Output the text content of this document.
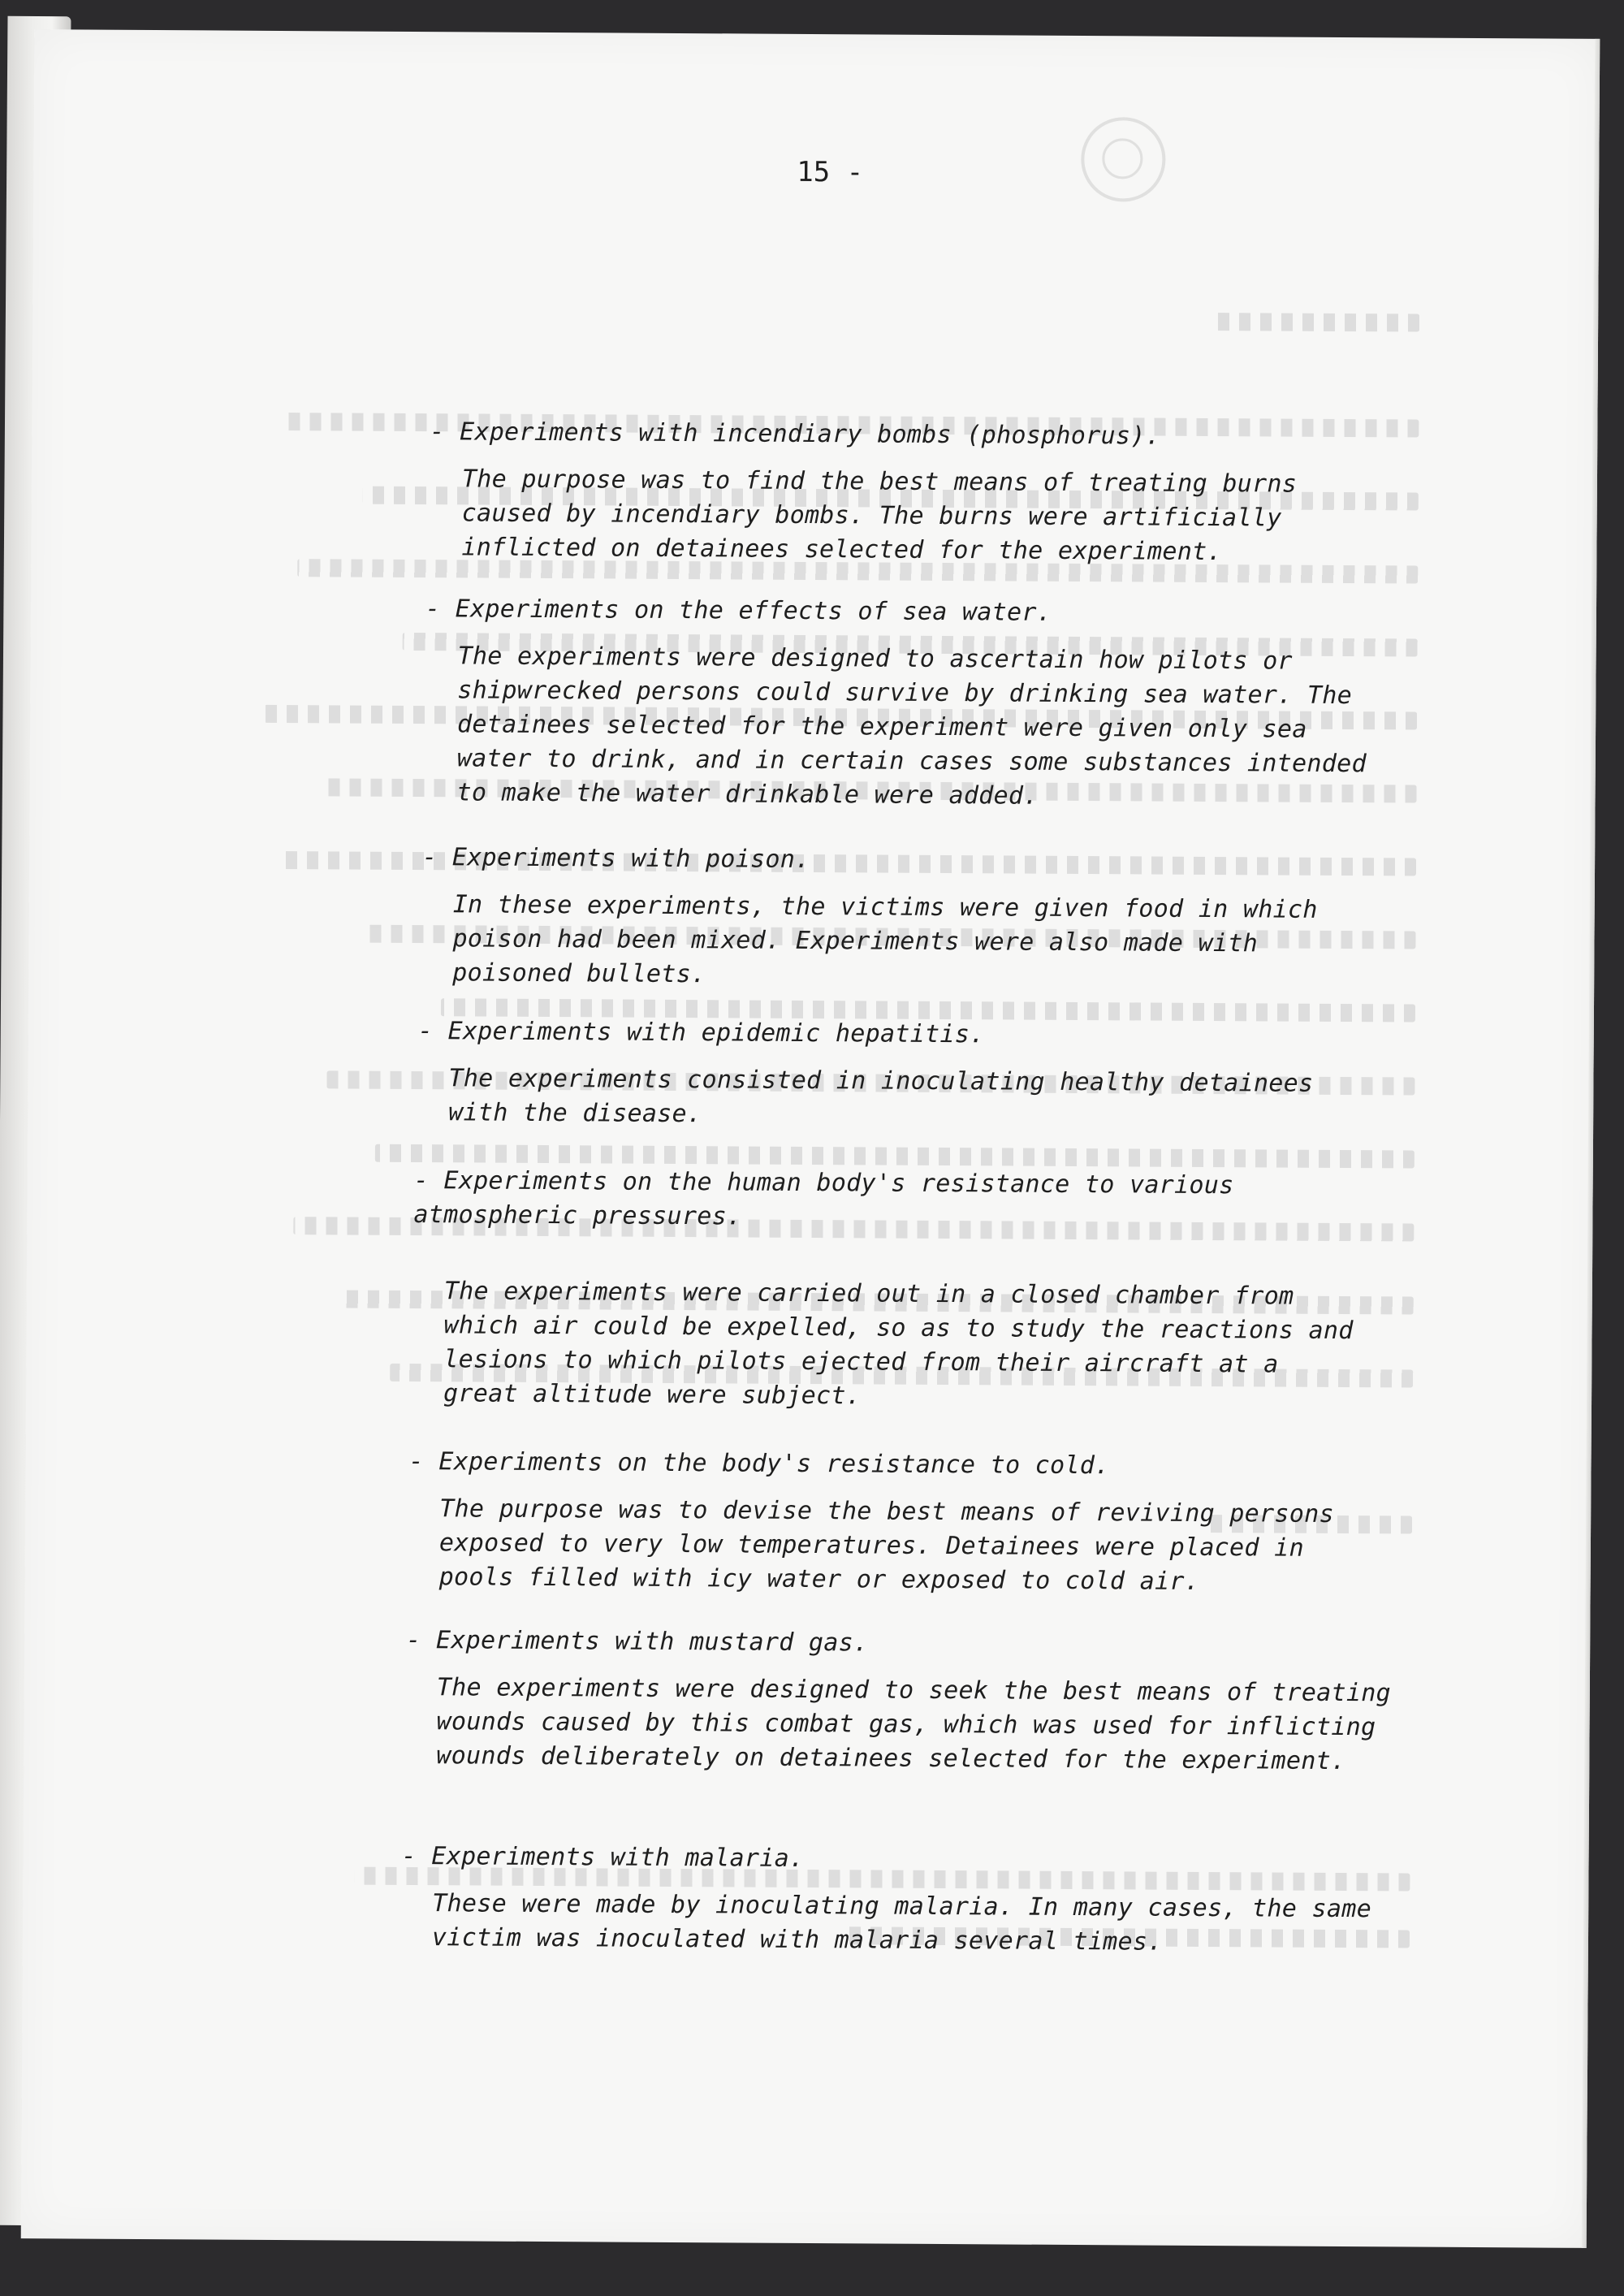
15 -
- Experiments with incendiary bombs (phosphorus).
The purpose was to find the best means of treating burns caused by incendiary bombs. The burns were artificially inflicted on detainees selected for the experiment.
- Experiments on the effects of sea water.
The experiments were designed to ascertain how pilots or shipwrecked persons could survive by drinking sea water. The detainees selected for the experiment were given only sea water to drink, and in certain cases some substances intended to make the water drinkable were added.
- Experiments with poison.
In these experiments, the victims were given food in which poison had been mixed. Experiments were also made with poisoned bullets.
- Experiments with epidemic hepatitis.
The experiments consisted in inoculating healthy detainees with the disease.
- Experiments on the human body's resistance to various atmospheric pressures.
The experiments were carried out in a closed chamber from which air could be expelled, so as to study the reactions and lesions to which pilots ejected from their aircraft at a great altitude were subject.
- Experiments on the body's resistance to cold.
The purpose was to devise the best means of reviving persons exposed to very low temperatures. Detainees were placed in pools filled with icy water or exposed to cold air.
- Experiments with mustard gas.
The experiments were designed to seek the best means of treating wounds caused by this combat gas, which was used for inflicting wounds deliberately on detainees selected for the experiment.
- Experiments with malaria.
These were made by inoculating malaria. In many cases, the same victim was inoculated with malaria several times.
